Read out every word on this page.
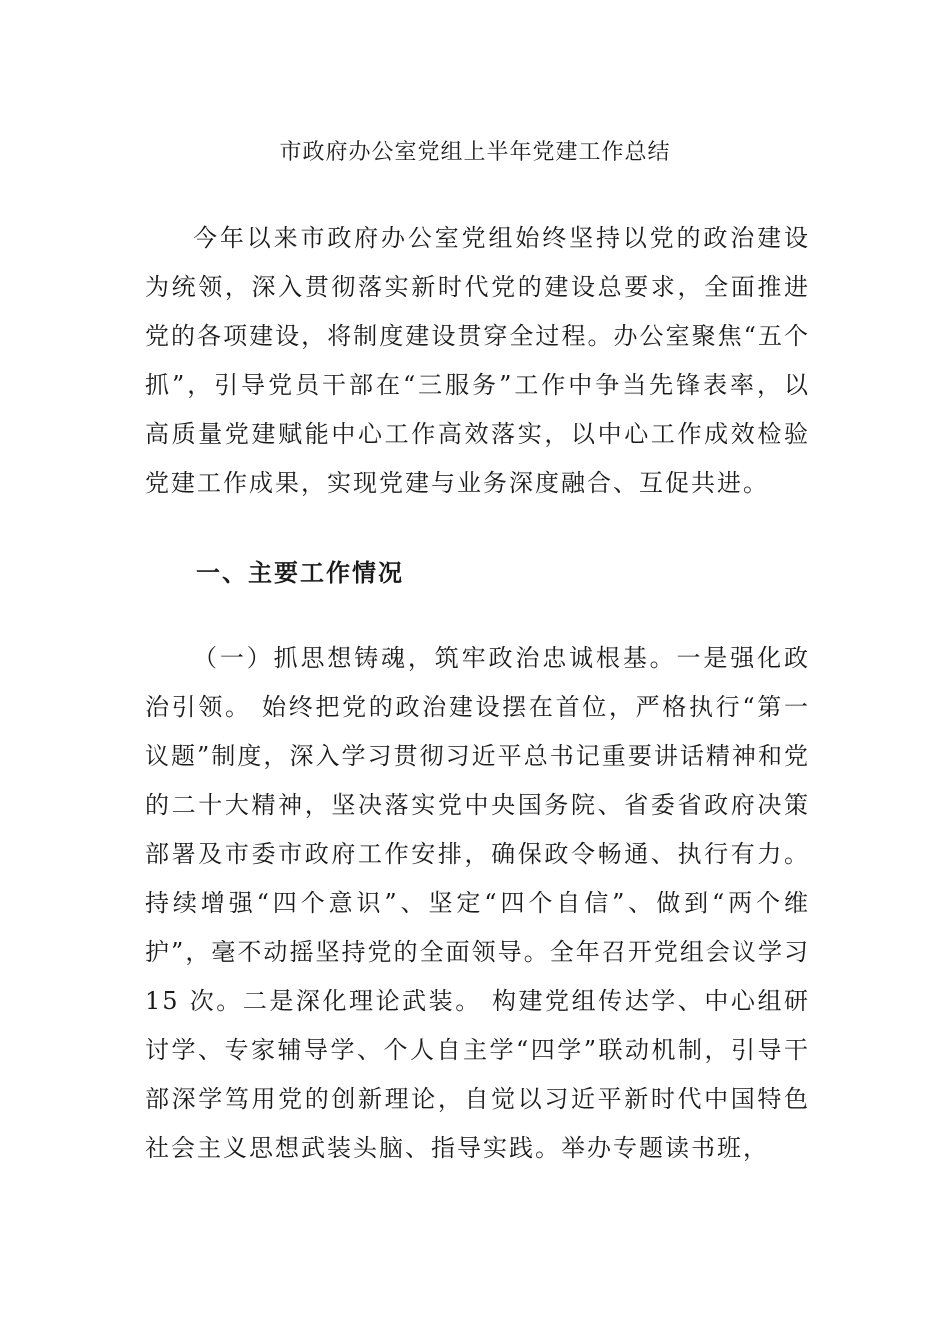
市政府办公室党组上半年党建工作总结

今年以来市政府办公室党组始终坚持以党的政治建设为统领，深入贯彻落实新时代党的建设总要求，全面推进党的各项建设，将制度建设贯穿全过程。办公室聚焦“五个抓”，引导党员干部在“三服务”工作中争当先锋表率，以高质量党建赋能中心工作高效落实，以中心工作成效检验党建工作成果，实现党建与业务深度融合、互促共进。

一、主要工作情况

（一）抓思想铸魂，筑牢政治忠诚根基。一是强化政治引领。 始终把党的政治建设摆在首位，严格执行“第一议题”制度，深入学习贯彻习近平总书记重要讲话精神和党的二十大精神，坚决落实党中央国务院、省委省政府决策部署及市委市政府工作安排，确保政令畅通、执行有力。持续增强“四个意识”、坚定“四个自信”、做到“两个维护”，毫不动摇坚持党的全面领导。全年召开党组会议学习 15 次。二是深化理论武装。 构建党组传达学、中心组研讨学、专家辅导学、个人自主学“四学”联动机制，引导干部深学笃用党的创新理论，自觉以习近平新时代中国特色社会主义思想武装头脑、指导实践。举办专题读书班，
